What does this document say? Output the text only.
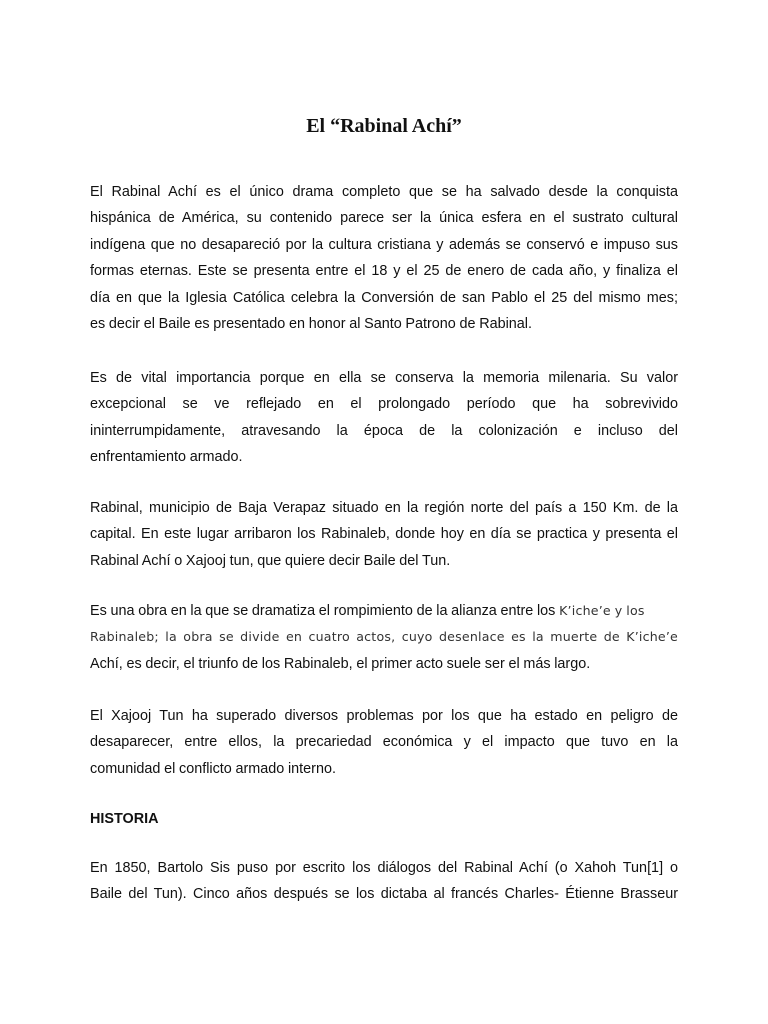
El “Rabinal Achí”
El Rabinal Achí es el único drama completo que se ha salvado desde la conquista
hispánica de América, su contenido parece ser la única esfera en el sustrato cultural
indígena que no desapareció por la cultura cristiana y además se conservó e impuso sus
formas eternas. Este se presenta entre el 18 y el 25 de enero de cada año, y finaliza el
día en que la Iglesia Católica celebra la Conversión de san Pablo el 25 del mismo mes;
es decir el Baile es presentado en honor al Santo Patrono de Rabinal.
Es de vital importancia porque en ella se conserva la memoria milenaria. Su valor
excepcional se ve reflejado en el prolongado período que ha sobrevivido
ininterrumpidamente, atravesando la época de la colonización e incluso del
enfrentamiento armado.
Rabinal, municipio de Baja Verapaz situado en la región norte del país a 150 Km. de la
capital. En este lugar arribaron los Rabinaleb, donde hoy en día se practica y presenta el
Rabinal Achí o Xajooj tun, que quiere decir Baile del Tun.
Es una obra en la que se dramatiza el rompimiento de la alianza entre los K’iche’e y los
Rabinaleb; la obra se divide en cuatro actos, cuyo desenlace es la muerte de K’iche’e
Achí, es decir, el triunfo de los Rabinaleb, el primer acto suele ser el más largo.
El Xajooj Tun ha superado diversos problemas por los que ha estado en peligro de
desaparecer, entre ellos, la precariedad económica y el impacto que tuvo en la
comunidad el conflicto armado interno.
HISTORIA
En 1850, Bartolo Sis puso por escrito los diálogos del Rabinal Achí (o Xahoh Tun[1] o
Baile del Tun). Cinco años después se los dictaba al francés Charles- Étienne Brasseur
